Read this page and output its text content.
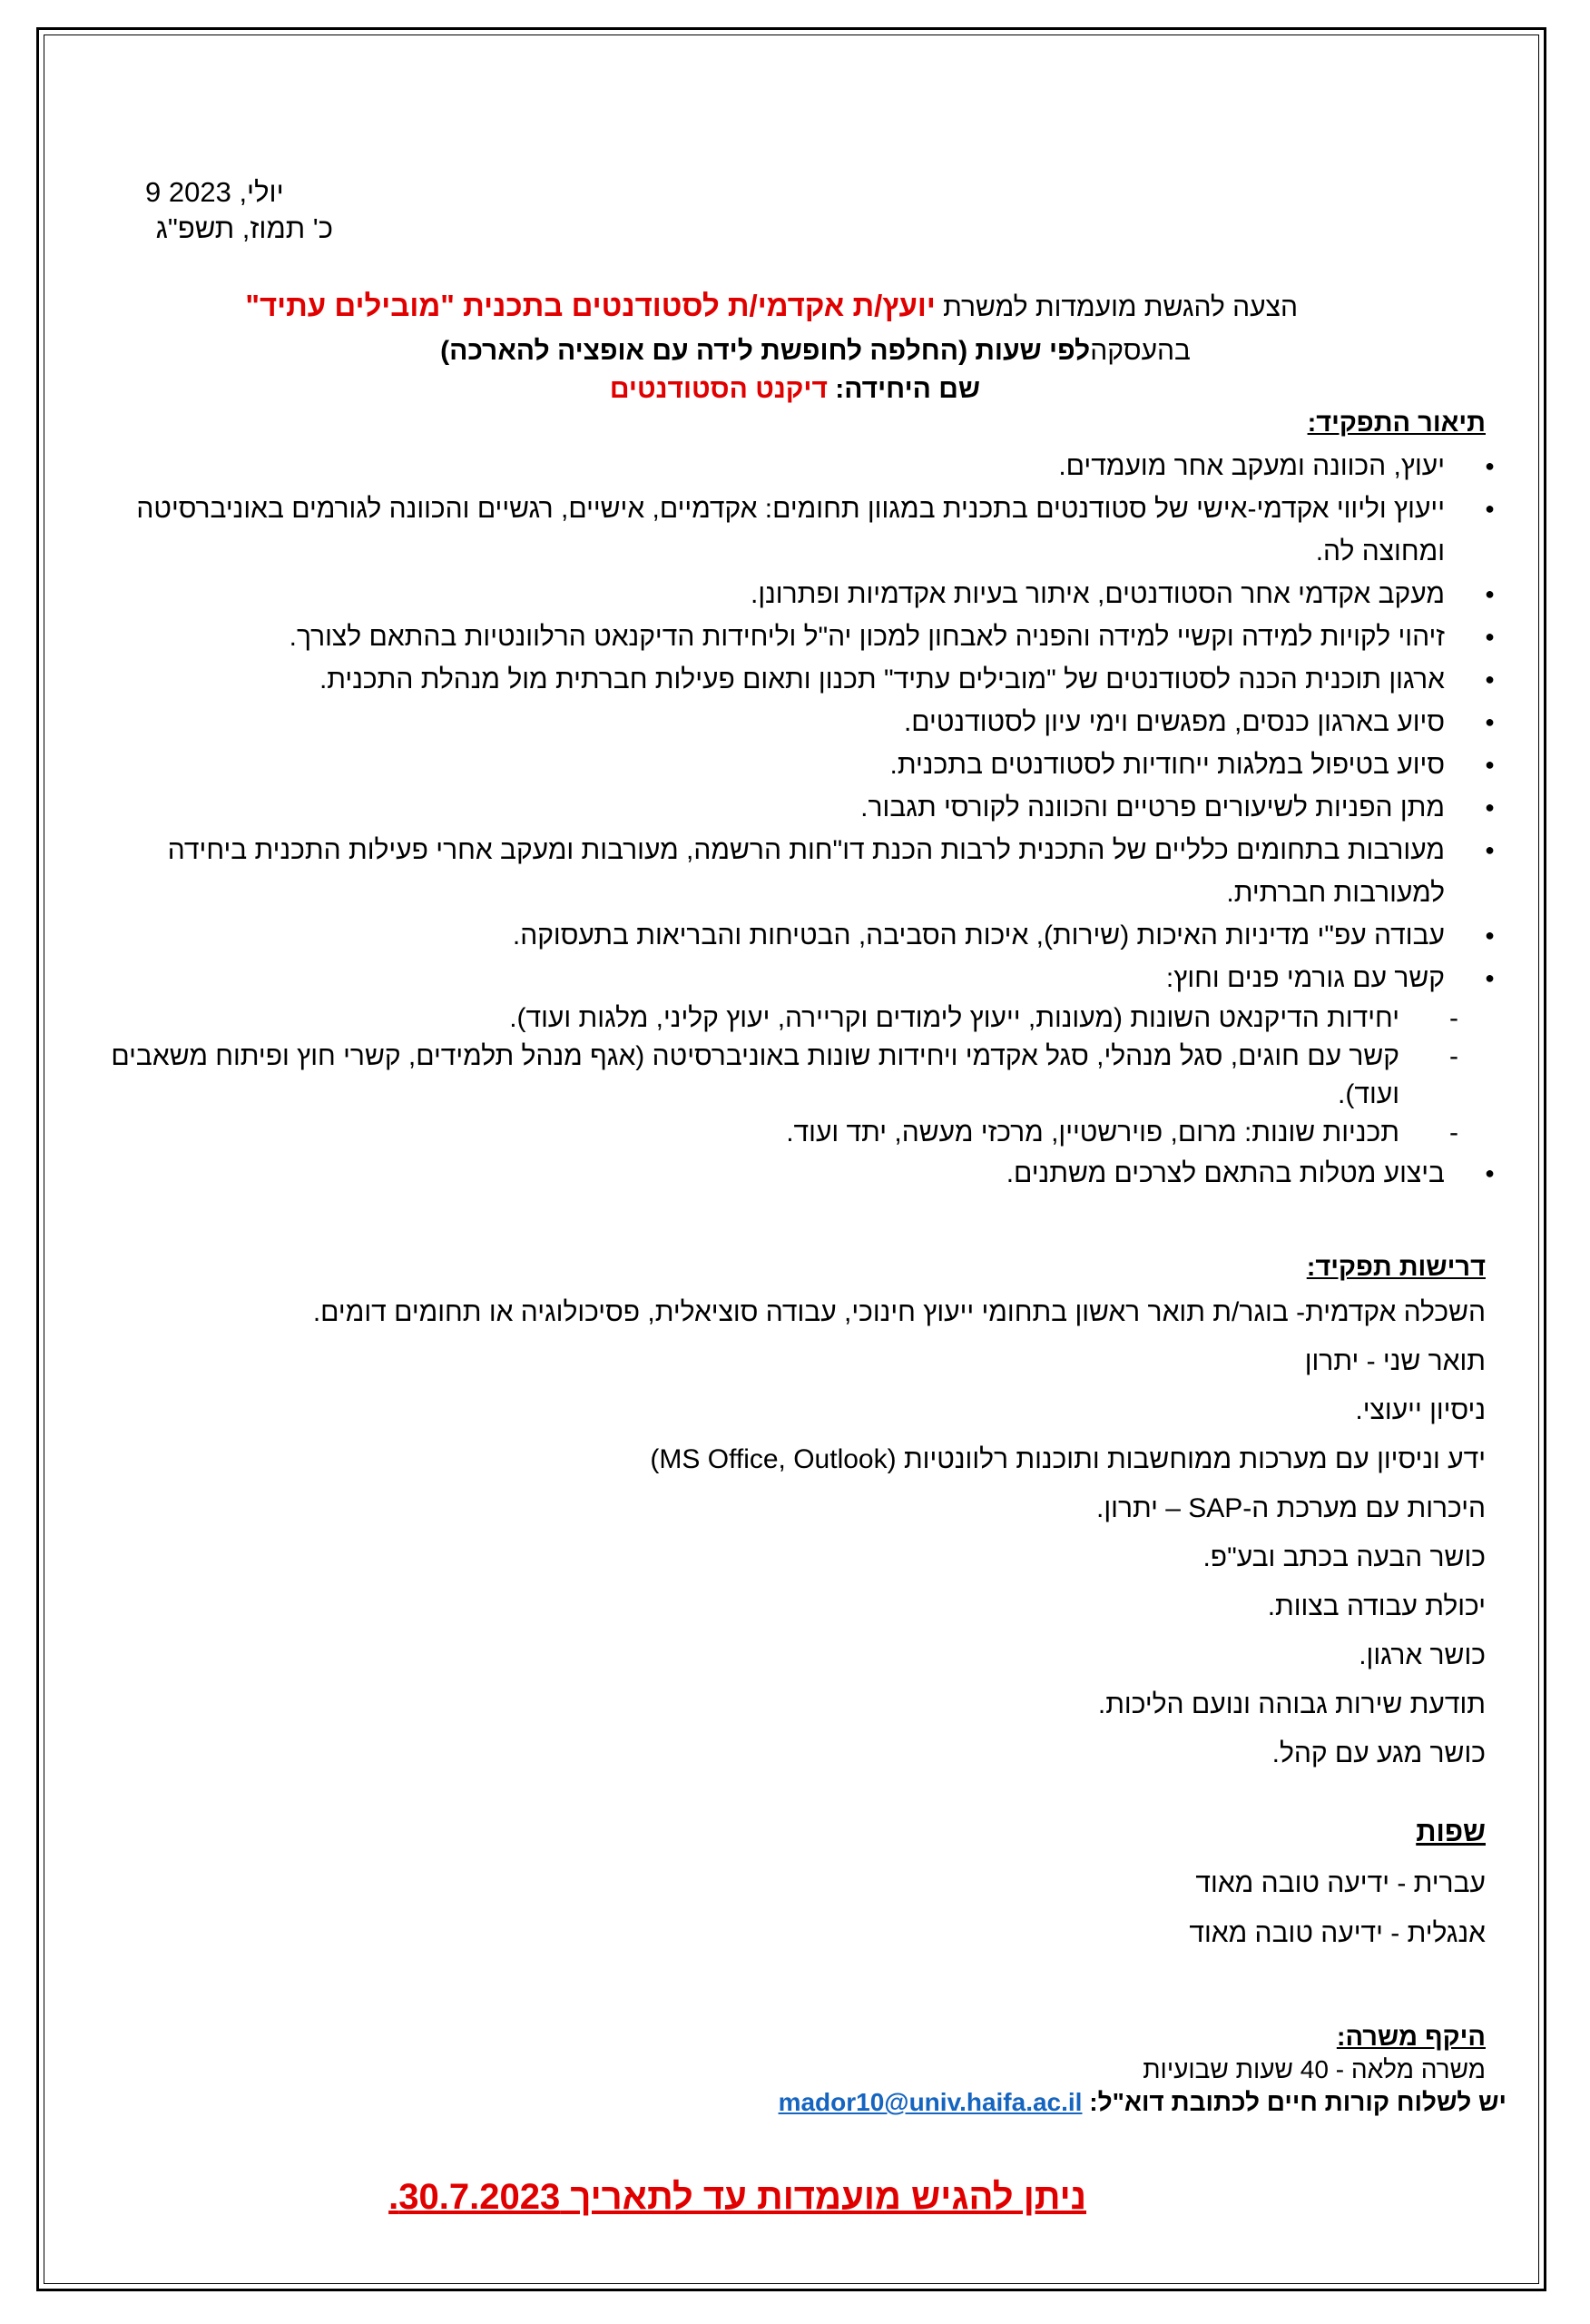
9 יולי, 2023
כ' תמוז, תשפ"ג
הצעה להגשת מועמדות למשרת יועץ/ת אקדמי/ת לסטודנטים בתכנית "מובילים עתיד"
בהעסקהלפי שעות (החלפה לחופשת לידה עם אופציה להארכה)
שם היחידה: דיקנט הסטודנטים
תיאור התפקיד:
● יעוץ, הכוונה ומעקב אחר מועמדים.
● ייעוץ וליווי אקדמי-אישי של סטודנטים בתכנית במגוון תחומים: אקדמיים, אישיים, רגשיים והכוונה לגורמים באוניברסיטה ומחוצה לה.
● מעקב אקדמי אחר הסטודנטים, איתור בעיות אקדמיות ופתרונן.
● זיהוי לקויות למידה וקשיי למידה והפניה לאבחון למכון יה"ל וליחידות הדיקנאט הרלוונטיות בהתאם לצורך.
● ארגון תוכנית הכנה לסטודנטים של "מובילים עתיד" תכנון ותאום פעילות חברתית מול מנהלת התכנית.
● סיוע בארגון כנסים, מפגשים וימי עיון לסטודנטים.
● סיוע בטיפול במלגות ייחודיות לסטודנטים בתכנית.
● מתן הפניות לשיעורים פרטיים והכוונה לקורסי תגבור.
● מעורבות בתחומים כלליים של התכנית לרבות הכנת דו"חות הרשמה, מעורבות ומעקב אחרי פעילות התכנית ביחידה למעורבות חברתית.
● עבודה עפ"י מדיניות האיכות (שירות), איכות הסביבה, הבטיחות והבריאות בתעסוקה.
● קשר עם גורמי פנים וחוץ:
- יחידות הדיקנאט השונות (מעונות, ייעוץ לימודים וקריירה, יעוץ קליני, מלגות ועוד).
- קשר עם חוגים, סגל מנהלי, סגל אקדמי ויחידות שונות באוניברסיטה (אגף מנהל תלמידים, קשרי חוץ ופיתוח משאבים ועוד).
- תכניות שונות: מרום, פוירשטיין, מרכזי מעשה, יתד ועוד.
● ביצוע מטלות בהתאם לצרכים משתנים.
דרישות תפקיד:
השכלה אקדמית- בוגר/ת תואר ראשון בתחומי ייעוץ חינוכי, עבודה סוציאלית, פסיכולוגיה או תחומים דומים.
תואר שני - יתרון
ניסיון ייעוצי.
ידע וניסיון עם מערכות ממוחשבות ותוכנות רלוונטיות (MS Office, Outlook)
היכרות עם מערכת ה-SAP – יתרון.
כושר הבעה בכתב ובע"פ.
יכולת עבודה בצוות.
כושר ארגון.
תודעת שירות גבוהה ונועם הליכות.
כושר מגע עם קהל.
שפות
עברית - ידיעה טובה מאוד
אנגלית - ידיעה טובה מאוד
היקף משרה:
משרה מלאה - 40 שעות שבועיות
יש לשלוח קורות חיים לכתובת דוא"ל: mador10@univ.haifa.ac.il
ניתן להגיש מועמדות עד לתאריך 30.7.2023.
